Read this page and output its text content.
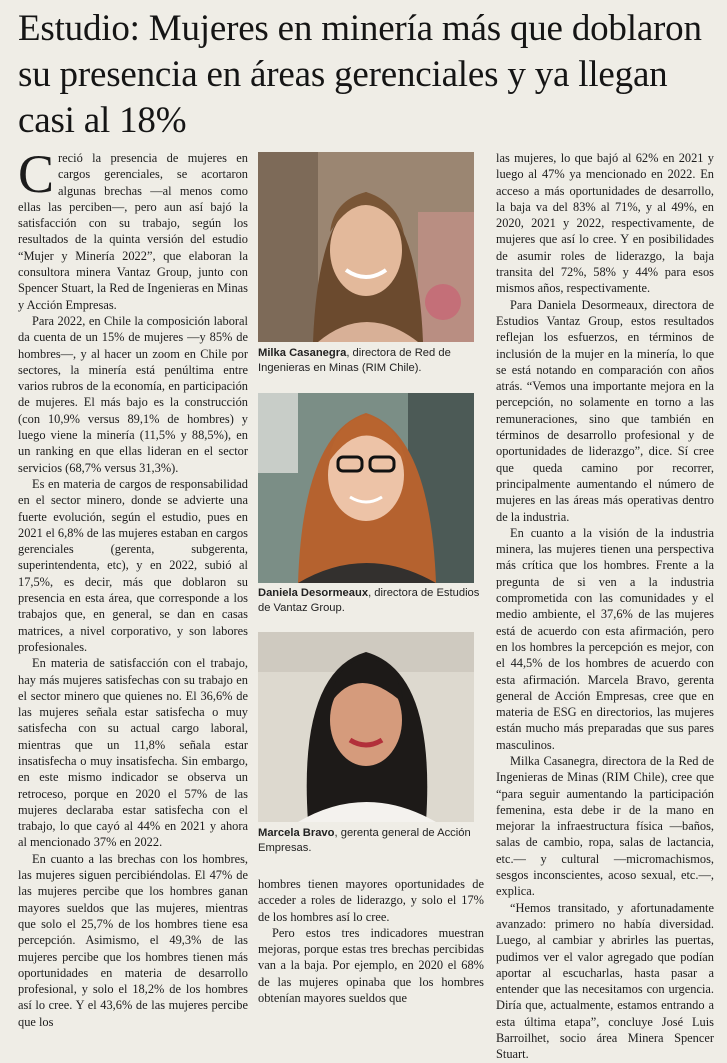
Estudio: Mujeres en minería más que doblaron su presencia en áreas gerenciales y ya llegan casi al 18%

Creció la presencia de mujeres en cargos gerenciales, se acortaron algunas brechas —al menos como ellas las perciben—, pero aun así bajó la satisfacción con su trabajo, según los resultados de la quinta versión del estudio “Mujer y Minería 2022”, que elaboran la consultora minera Vantaz Group, junto con Spencer Stuart, la Red de Ingenieras en Minas y Acción Empresas.

Para 2022, en Chile la composición laboral da cuenta de un 15% de mujeres —y 85% de hombres—, y al hacer un zoom en Chile por sectores, la minería está penúltima entre varios rubros de la economía, en participación de mujeres. El más bajo es la construcción (con 10,9% versus 89,1% de hombres) y luego viene la minería (11,5% y 88,5%), en un ranking en que ellas lideran en el sector servicios (68,7% versus 31,3%).

Es en materia de cargos de responsabilidad en el sector minero, donde se advierte una fuerte evolución, según el estudio, pues en 2021 el 6,8% de las mujeres estaban en cargos gerenciales (gerenta, subgerenta, superintendenta, etc), y en 2022, subió al 17,5%, es decir, más que doblaron su presencia en esta área, que corresponde a los trabajos que, en general, se dan en casas matrices, a nivel corporativo, y son labores profesionales.

En materia de satisfacción con el trabajo, hay más mujeres satisfechas con su trabajo en el sector minero que quienes no. El 36,6% de las mujeres señala estar satisfecha o muy satisfecha con su actual cargo laboral, mientras que un 11,8% señala estar insatisfecha o muy insatisfecha. Sin embargo, en este mismo indicador se observa un retroceso, porque en 2020 el 57% de las mujeres declaraba estar satisfecha con el trabajo, lo que cayó al 44% en 2021 y ahora al mencionado 37% en 2022.

En cuanto a las brechas con los hombres, las mujeres siguen percibiéndolas. El 47% de las mujeres percibe que los hombres ganan mayores sueldos que las mujeres, mientras que solo el 25,7% de los hombres tiene esa percepción. Asimismo, el 49,3% de las mujeres percibe que los hombres tienen más oportunidades en materia de desarrollo profesional, y solo el 18,2% de los hombres así lo cree. Y el 43,6% de las mujeres percibe que los

Milka Casanegra, directora de Red de Ingenieras en Minas (RIM Chile).
Daniela Desormeaux, directora de Estudios de Vantaz Group.
Marcela Bravo, gerenta general de Acción Empresas.

hombres tienen mayores oportunidades de acceder a roles de liderazgo, y solo el 17% de los hombres así lo cree.

Pero estos tres indicadores muestran mejoras, porque estas tres brechas percibidas van a la baja. Por ejemplo, en 2020 el 68% de las mujeres opinaba que los hombres obtenían mayores sueldos que

las mujeres, lo que bajó al 62% en 2021 y luego al 47% ya mencionado en 2022. En acceso a más oportunidades de desarrollo, la baja va del 83% al 71%, y al 49%, en 2020, 2021 y 2022, respectivamente, de mujeres que así lo cree. Y en posibilidades de asumir roles de liderazgo, la baja transita del 72%, 58% y 44% para esos mismos años, respectivamente.

Para Daniela Desormeaux, directora de Estudios Vantaz Group, estos resultados reflejan los esfuerzos, en términos de inclusión de la mujer en la minería, lo que se está notando en comparación con años atrás. “Vemos una importante mejora en la percepción, no solamente en torno a las remuneraciones, sino que también en términos de desarrollo profesional y de oportunidades de liderazgo”, dice. Sí cree que queda camino por recorrer, principalmente aumentando el número de mujeres en las áreas más operativas dentro de la industria.

En cuanto a la visión de la industria minera, las mujeres tienen una perspectiva más crítica que los hombres. Frente a la pregunta de si ven a la industria comprometida con las comunidades y el medio ambiente, el 37,6% de las mujeres está de acuerdo con esta afirmación, pero en los hombres la percepción es mejor, con el 44,5% de los hombres de acuerdo con esta afirmación. Marcela Bravo, gerenta general de Acción Empresas, cree que en materia de ESG en directorios, las mujeres están mucho más preparadas que sus pares masculinos.

Milka Casanegra, directora de la Red de Ingenieras de Minas (RIM Chile), cree que “para seguir aumentando la participación femenina, esta debe ir de la mano en mejorar la infraestructura física —baños, salas de cambio, ropa, salas de lactancia, etc.— y cultural —micromachismos, sesgos inconscientes, acoso sexual, etc.—, explica.

“Hemos transitado, y afortunadamente avanzado: primero no había diversidad. Luego, al cambiar y abrirles las puertas, pudimos ver el valor agregado que podían aportar al escucharlas, hasta pasar a entender que las necesitamos con urgencia. Diría que, actualmente, estamos entrando a esta última etapa”, concluye José Luis Barroilhet, socio área Minera Spencer Stuart.
